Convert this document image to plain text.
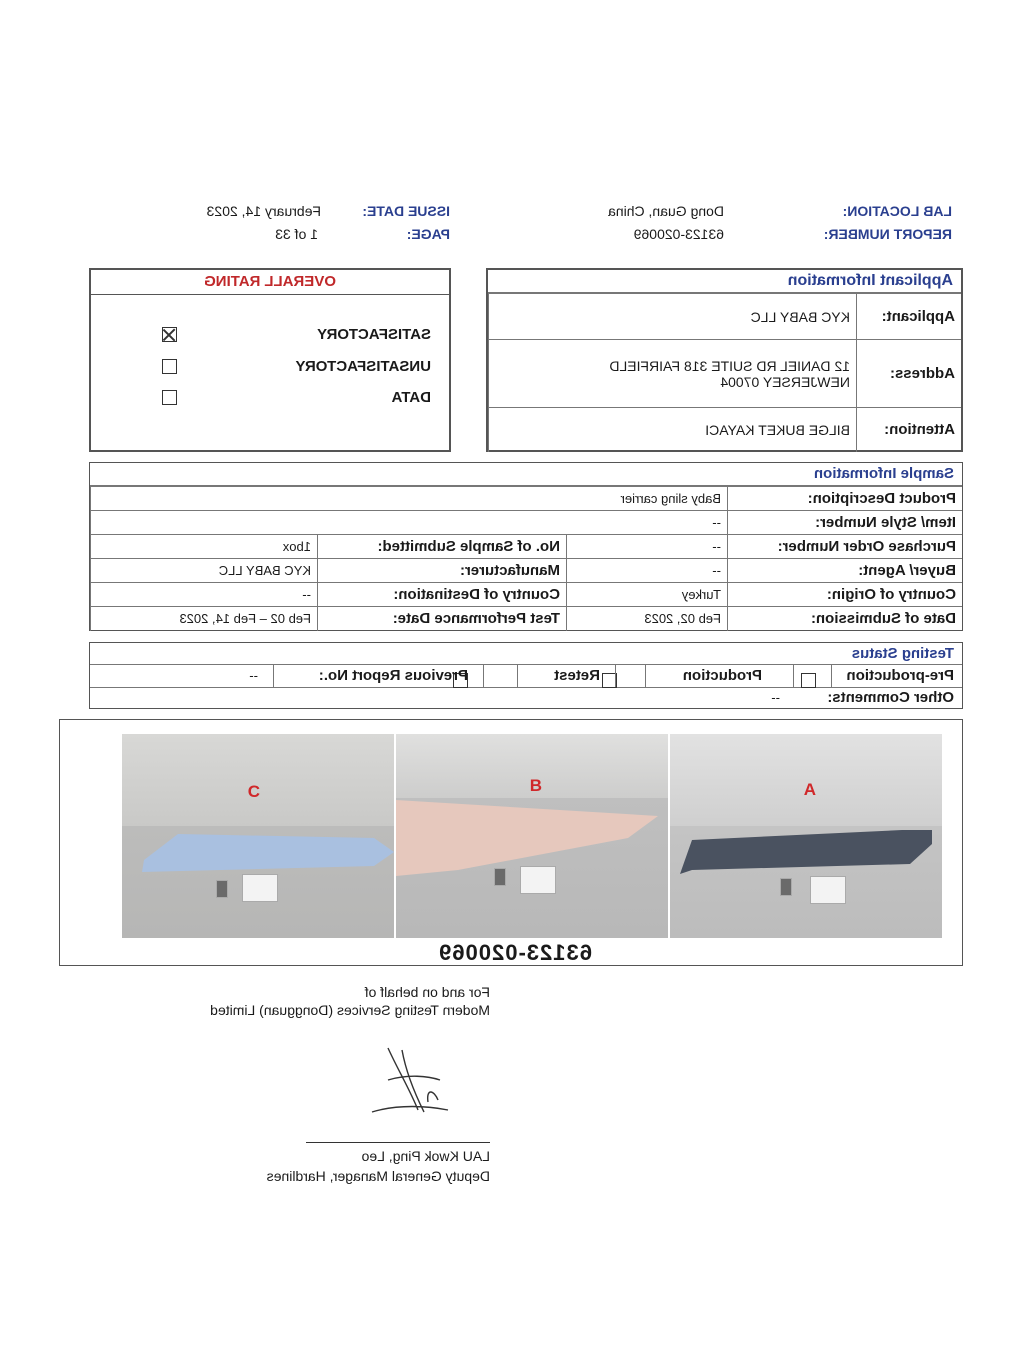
LAB LOCATION:
Dong Guan, China
REPORT NUMBER:
63123-020069
ISSUE DATE:
February 14, 2023
PAGE:
1 of 33
Applicant Information
Applicant:	KYC BABY LLC
Address:	12 DANIEL RD SUITE 318 FAIRFIELD
NEWJERSEY 07004

Attention:	BILGE BUKET KAYACI
OVERALL RATING
SATISFACTORY
UNSATISFACTORY
DATA
Sample Information
Product Description:	Baby sling carrier		
Item/ Style Number:	--		
Purchase Order Number:	--	No. of Sample Submitted:	1box
Buyer/ Agent:	--	Manufacturer:	KYC BABY LLC
Country of Origin:	Turkey	Country of Destination:	--
Date of Submission:	Feb 02, 2023	Test Performance Date:	Feb 02 – Feb 14, 2023
Testing Status
Pre-production

Production

Retest
Previous Report No.:
--
Other Comments:
--
A
B
C
63123-020069
For and on behalf of
Modern Testing Services (Dongguan) Limited
LAU Kwok Ping, Leo
Deputy General Manager, Hardlines
